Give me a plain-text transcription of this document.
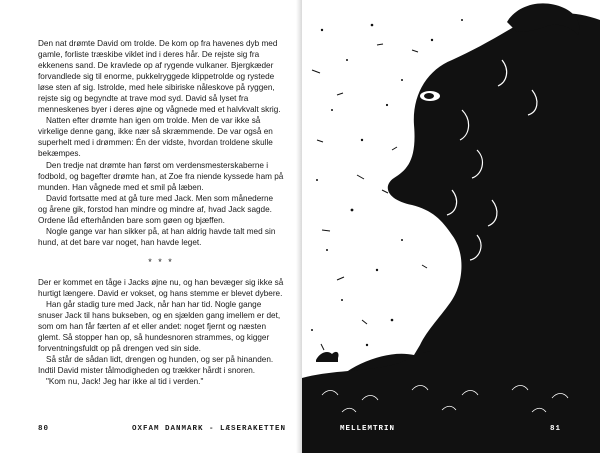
Den nat drømte David om trolde. De kom op fra havenes dyb med gamle, forliste træskibe viklet ind i deres hår. De rejste sig fra ekkenens sand. De kravlede op af rygende vulkaner. Bjergkæder forvandlede sig til enorme, pukkelryggede klippetrolde og rystede løse sten af sig. Istrolde, med hele sibiriske nåleskove på ryggen, rejste sig og begyndte at trave mod syd. David så lyset fra menneskenes byer i deres øjne og vågnede med et halvkvalt skrig.

Natten efter drømte han igen om trolde. Men de var ikke så virkelige denne gang, ikke nær så skræmmende. De var også en superhelt med i drømmen: Én der vidste, hvordan troldene skulle bekæmpes.

Den tredje nat drømte han først om verdensmesterskaberne i fodbold, og bagefter drømte han, at Zoe fra niende kyssede ham på munden. Han vågnede med et smil på læben.

David fortsatte med at gå ture med Jack. Men som månederne og årene gik, forstod han mindre og mindre af, hvad Jack sagde. Ordene låd efterhånden bare som gøen og bjæffen.

Nogle gange var han sikker på, at han aldrig havde talt med sin hund, at det bare var noget, han havde leget.

* * *

Der er kommet en tåge i Jacks øjne nu, og han bevæger sig ikke så hurtigt længere. David er vokset, og hans stemme er blevet dybere.

Han går stadig ture med Jack, når han har tid. Nogle gange snuser Jack til hans bukseben, og en sjælden gang imellem er det, som om han får færten af et eller andet: noget fjernt og næsten glemt. Så stopper han op, så hundesnoren strammes, og kigger forventningsfuldt op på drengen ved sin side.

Så står de sådan lidt, drengen og hunden, og ser på hinanden. Indtil David mister tålmodigheden og trækker hårdt i snoren.

"Kom nu, Jack! Jeg har ikke al tid i verden."

80	OXFAM DANMARK - LÆSERAKETTEN	MELLEMTRIN	81
